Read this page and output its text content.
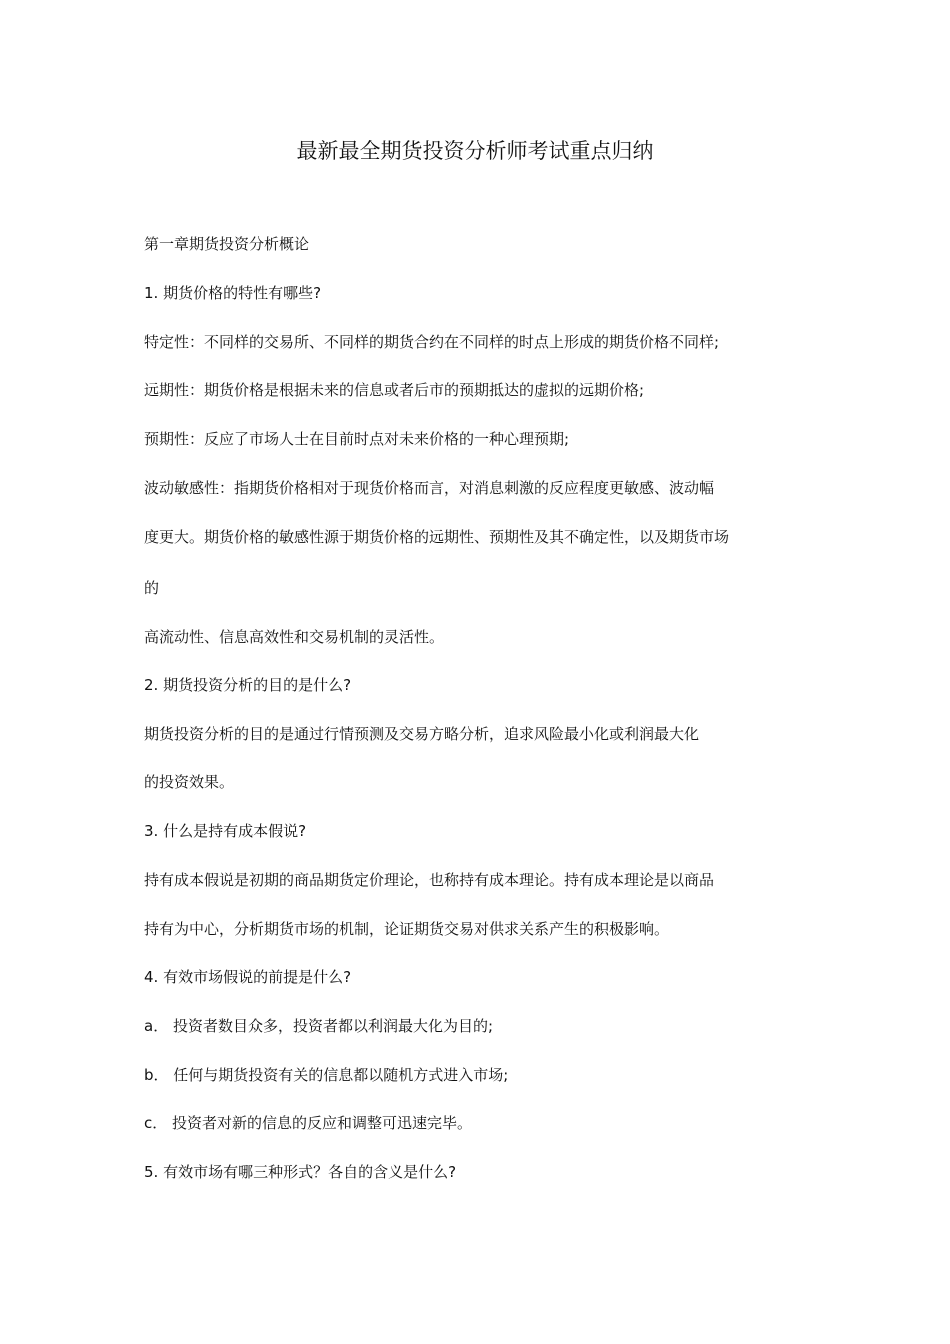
最新最全期货投资分析师考试重点归纳
第一章期货投资分析概论
1. 期货价格的特性有哪些?
特定性：不同样的交易所、不同样的期货合约在不同样的时点上形成的期货价格不同样;
远期性：期货价格是根据未来的信息或者后市的预期抵达的虚拟的远期价格;
预期性：反应了市场人士在目前时点对未来价格的一种心理预期;
波动敏感性：指期货价格相对于现货价格而言，对消息刺激的反应程度更敏感、波动幅
度更大。期货价格的敏感性源于期货价格的远期性、预期性及其不确定性，以及期货市场
的
高流动性、信息高效性和交易机制的灵活性。
2. 期货投资分析的目的是什么?
期货投资分析的目的是通过行情预测及交易方略分析，追求风险最小化或利润最大化
的投资效果。
3. 什么是持有成本假说?
持有成本假说是初期的商品期货定价理论，也称持有成本理论。持有成本理论是以商品
持有为中心，分析期货市场的机制，论证期货交易对供求关系产生的积极影响。
4. 有效市场假说的前提是什么?
a． 投资者数目众多，投资者都以利润最大化为目的;
b． 任何与期货投资有关的信息都以随机方式进入市场;
c． 投资者对新的信息的反应和调整可迅速完毕。
5. 有效市场有哪三种形式？各自的含义是什么?
